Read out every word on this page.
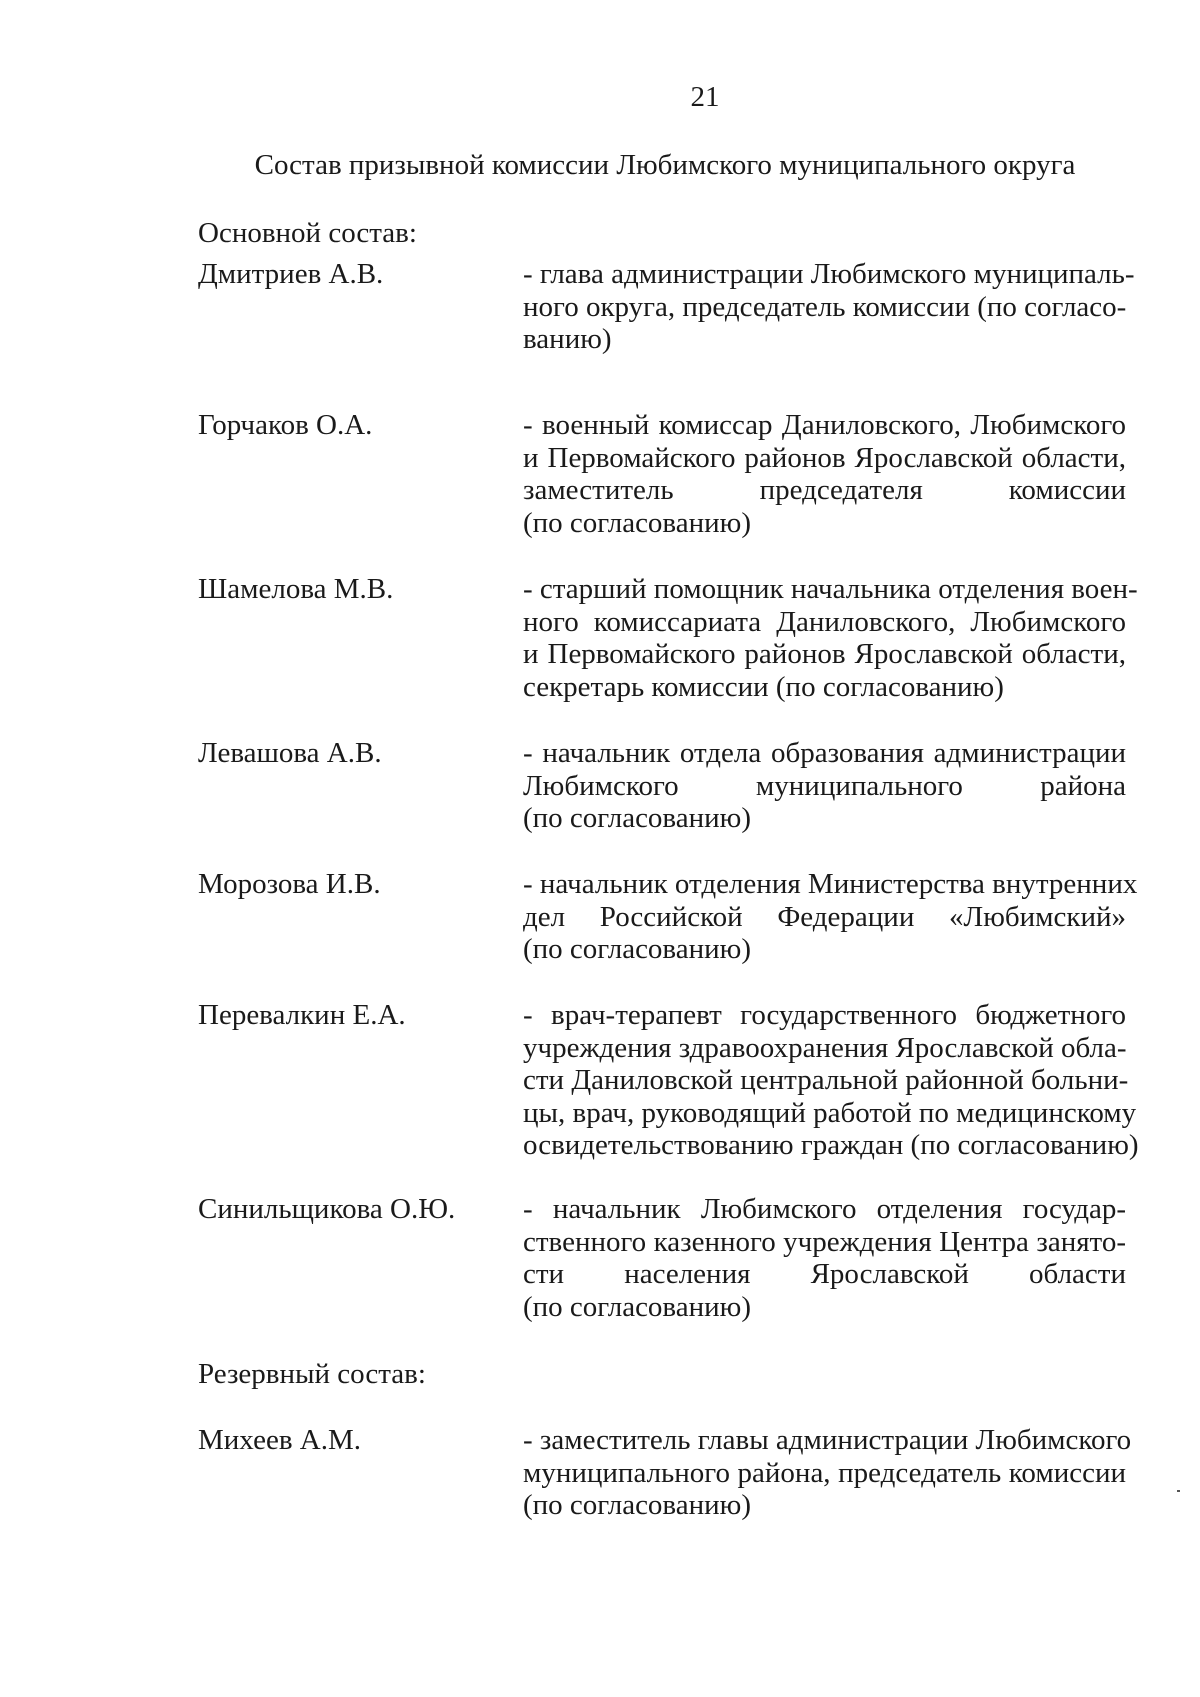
21
Состав призывной комиссии Любимского муниципального округа
Основной состав:
Дмитриев А.В.	- глава администрации Любимского муниципаль-
ного округа, председатель комиссии (по согласо-
ванию)
Горчаков О.А.	- военный комиссар Даниловского, Любимского
и Первомайского районов Ярославской области,
заместитель председателя комиссии
(по согласованию)
Шамелова М.В.	- старший помощник начальника отделения воен-
ного комиссариата Даниловского, Любимского
и Первомайского районов Ярославской области,
секретарь комиссии (по согласованию)
Левашова А.В.	- начальник отдела образования администрации
Любимского муниципального района
(по согласованию)
Морозова И.В.	- начальник отделения Министерства внутренних
дел Российской Федерации «Любимский»
(по согласованию)
Перевалкин Е.А.	- врач-терапевт государственного бюджетного
учреждения здравоохранения Ярославской обла-
сти Даниловской центральной районной больни-
цы, врач, руководящий работой по медицинскому
освидетельствованию граждан (по согласованию)
Синильщикова О.Ю. - начальник Любимского отделения государ-
ственного казенного учреждения Центра занято-
сти населения Ярославской области
(по согласованию)
Резервный состав:
Михеев А.М.	- заместитель главы администрации Любимского
муниципального района, председатель комиссии
(по согласованию)
